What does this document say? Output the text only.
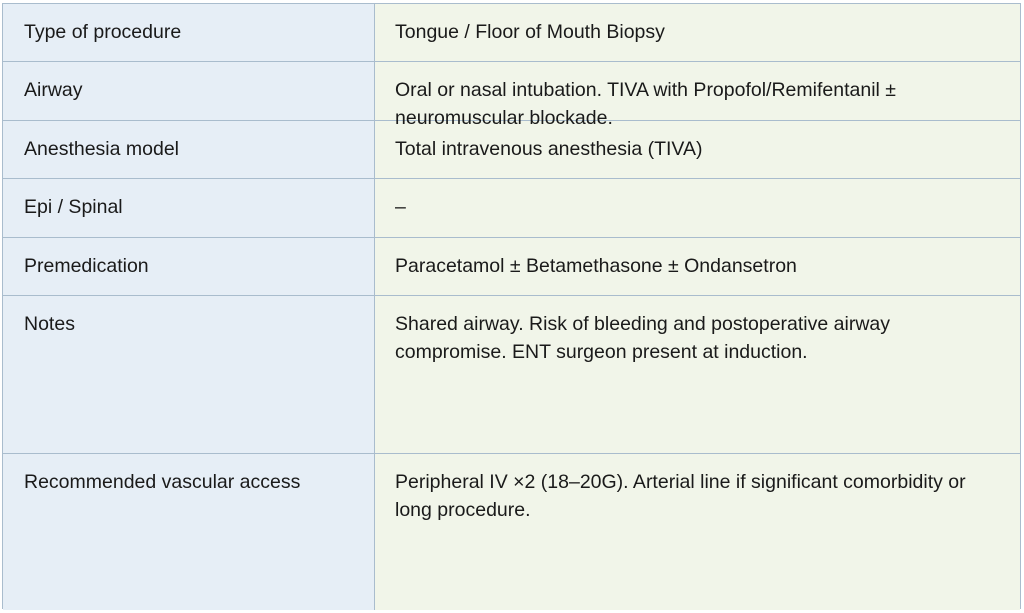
Type of procedure	Tongue / Floor of Mouth Biopsy
Airway	Oral or nasal intubation. TIVA with Propofol/Remifentanil ± neuromuscular blockade.
Anesthesia model	Total intravenous anesthesia (TIVA)
Epi / Spinal	–
Premedication	Paracetamol ± Betamethasone ± Ondansetron
Notes	Shared airway. Risk of bleeding and postoperative airway compromise. ENT surgeon present at induction.
Recommended vascular access	Peripheral IV ×2 (18–20G). Arterial line if significant comorbidity or long procedure.
